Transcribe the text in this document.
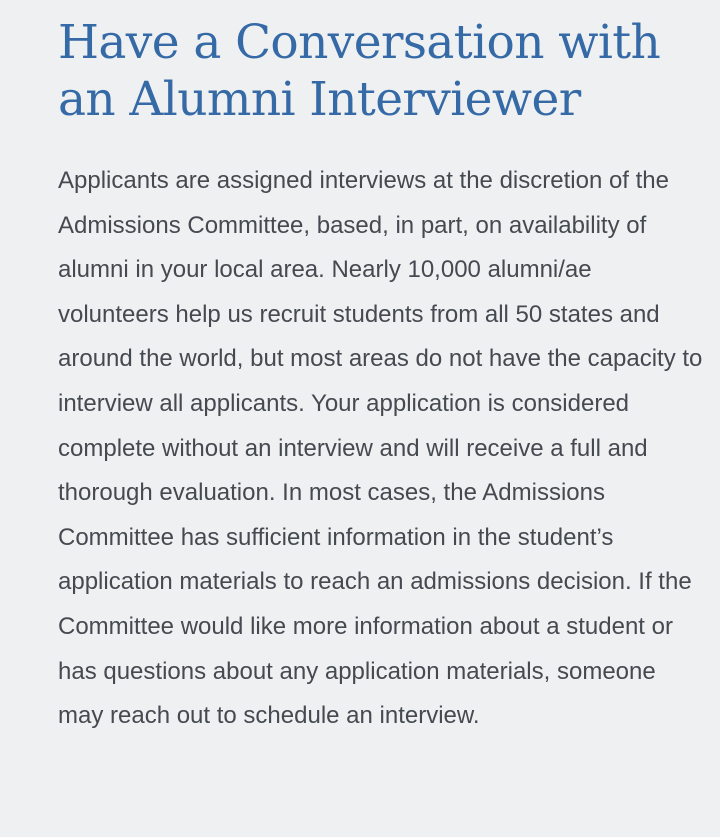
Have a Conversation with an Alumni Interviewer

Applicants are assigned interviews at the discretion of the Admissions Committee, based, in part, on availability of alumni in your local area. Nearly 10,000 alumni/ae volunteers help us recruit students from all 50 states and around the world, but most areas do not have the capacity to interview all applicants. Your application is considered complete without an interview and will receive a full and thorough evaluation. In most cases, the Admissions Committee has sufficient information in the student’s application materials to reach an admissions decision. If the Committee would like more information about a student or has questions about any application materials, someone may reach out to schedule an interview.
